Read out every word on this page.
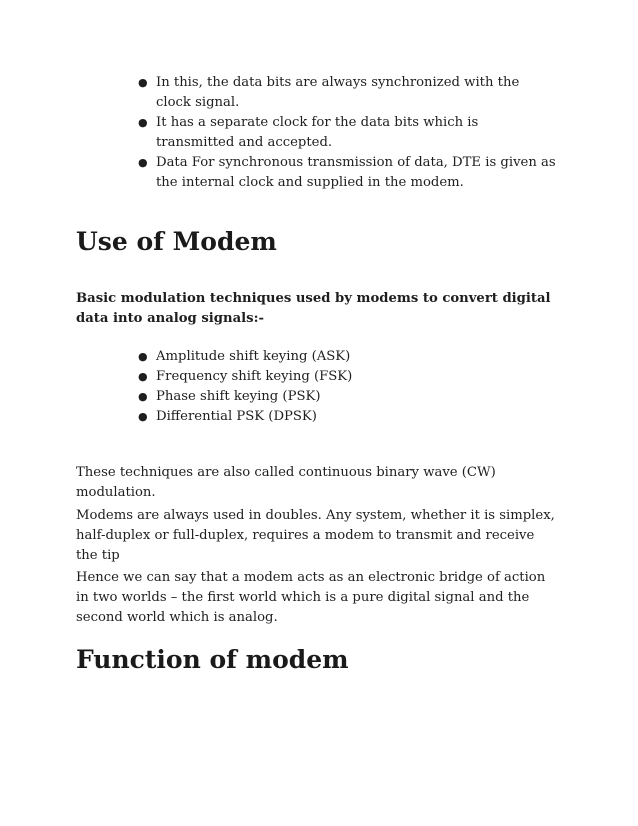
● In this, the data bits are always synchronized with the clock signal.
● It has a separate clock for the data bits which is transmitted and accepted.
● Data For synchronous transmission of data, DTE is given as the internal clock and supplied in the modem.
Use of Modem

Basic modulation techniques used by modems to convert digital data into analog signals:-

● Amplitude shift keying (ASK)
● Frequency shift keying (FSK)
● Phase shift keying (PSK)
● Differential PSK (DPSK)

These techniques are also called continuous binary wave (CW) modulation.

Modems are always used in doubles. Any system, whether it is simplex, half-duplex or full-duplex, requires a modem to transmit and receive the tip

Hence we can say that a modem acts as an electronic bridge of action in two worlds – the first world which is a pure digital signal and the second world which is analog.

Function of modem
